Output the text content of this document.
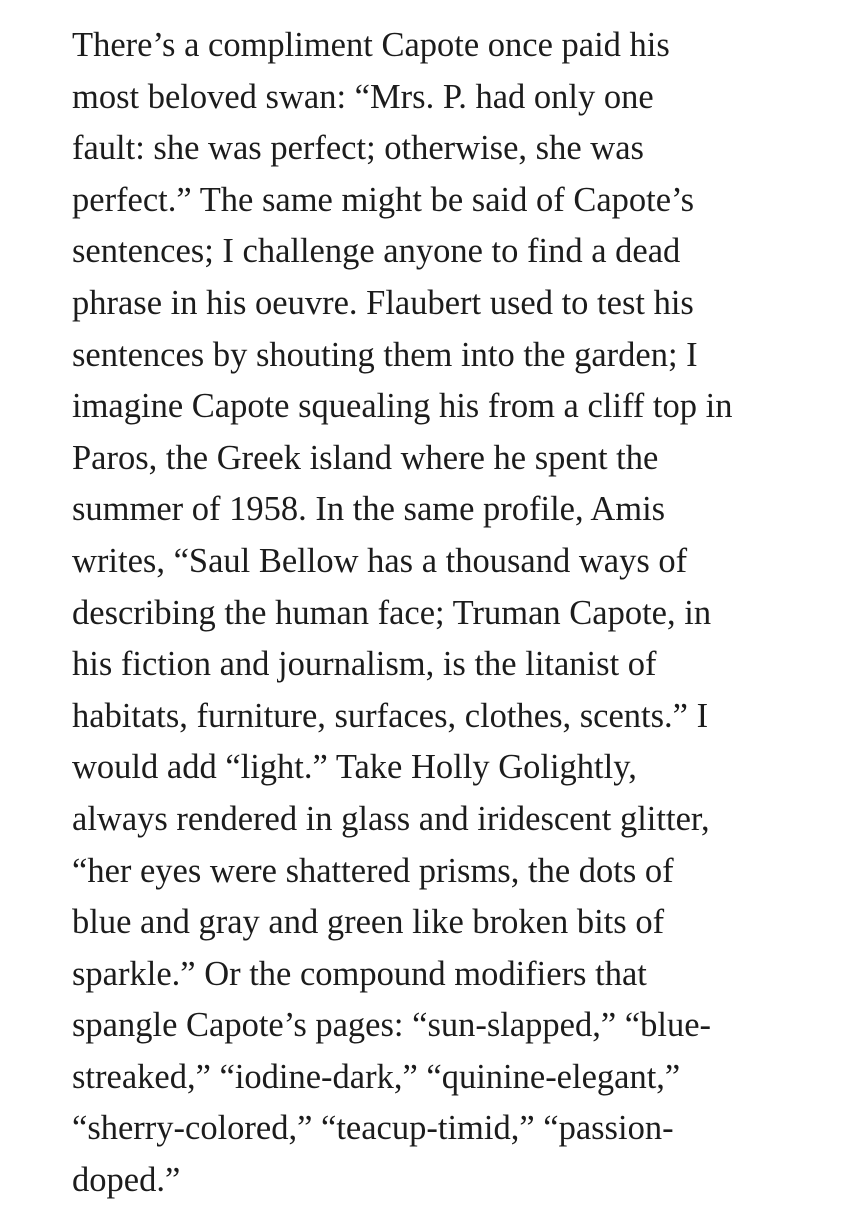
There’s a compliment Capote once paid his
most beloved swan: “Mrs. P. had only one
fault: she was perfect; otherwise, she was
perfect.” The same might be said of Capote’s
sentences; I challenge anyone to find a dead
phrase in his oeuvre. Flaubert used to test his
sentences by shouting them into the garden; I
imagine Capote squealing his from a cliff top in
Paros, the Greek island where he spent the
summer of 1958. In the same profile, Amis
writes, “Saul Bellow has a thousand ways of
describing the human face; Truman Capote, in
his fiction and journalism, is the litanist of
habitats, furniture, surfaces, clothes, scents.” I
would add “light.” Take Holly Golightly,
always rendered in glass and iridescent glitter,
“her eyes were shattered prisms, the dots of
blue and gray and green like broken bits of
sparkle.” Or the compound modifiers that
spangle Capote’s pages: “sun-slapped,” “blue-
streaked,” “iodine-dark,” “quinine-elegant,”
“sherry-colored,” “teacup-timid,” “passion-
doped.”
